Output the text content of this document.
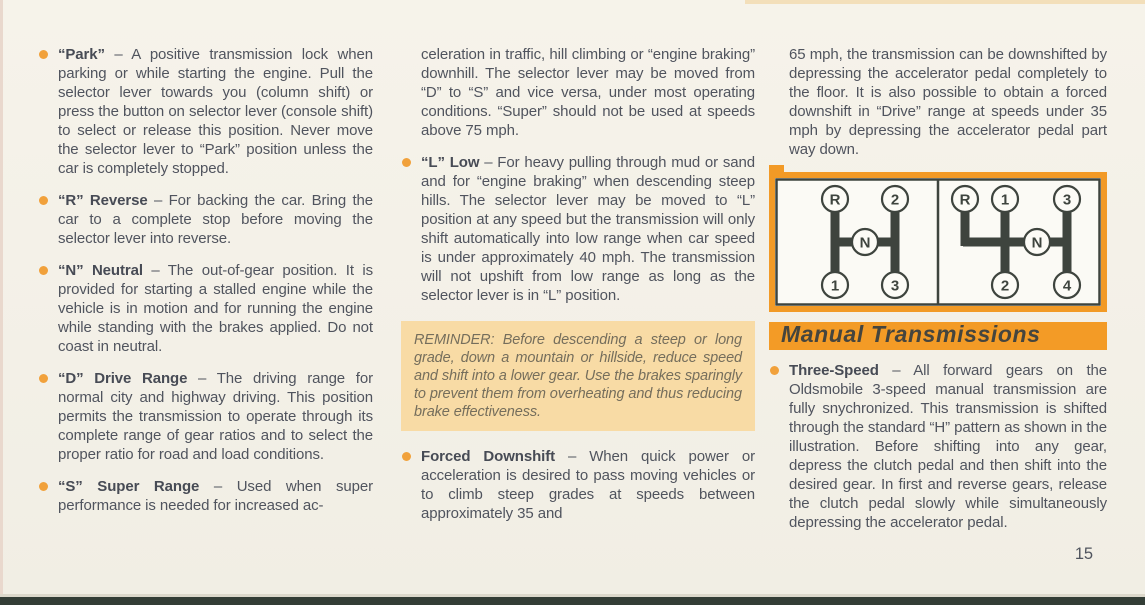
“Park” – A positive transmission lock when parking or while starting the engine. Pull the selector lever towards you (column shift) or press the button on selector lever (console shift) to select or release this position. Never move the selector lever to “Park” position unless the car is completely stopped.

“R” Reverse – For backing the car. Bring the car to a complete stop before moving the selector lever into reverse.

“N” Neutral – The out-of-gear position. It is provided for starting a stalled engine while the vehicle is in motion and for running the engine while standing with the brakes applied. Do not coast in neutral.

“D” Drive Range – The driving range for normal city and highway driving. This position permits the transmission to operate through its complete range of gear ratios and to select the proper ratio for road and load conditions.

“S” Super Range – Used when super performance is needed for increased ac-

celeration in traffic, hill climbing or “engine braking” downhill. The selector lever may be moved from “D” to “S” and vice versa, under most operating conditions. “Super” should not be used at speeds above 75 mph.

“L” Low – For heavy pulling through mud or sand and for “engine braking” when descending steep hills. The selector lever may be moved to “L” position at any speed but the transmission will only shift automatically into low range when car speed is under approximately 40 mph. The transmission will not upshift from low range as long as the selector lever is in “L” position.

REMINDER: Before descending a steep or long grade, down a mountain or hillside, reduce speed and shift into a lower gear. Use the brakes sparingly to prevent them from overheating and thus reducing brake effectiveness.

Forced Downshift – When quick power or acceleration is desired to pass moving vehicles or to climb steep grades at speeds between approximately 35 and

65 mph, the transmission can be downshifted by depressing the accelerator pedal completely to the floor. It is also possible to obtain a forced downshift in “Drive” range at speeds under 35 mph by depressing the accelerator pedal part way down.

R	2
N
1	3
R 1	3
N
2	4
Manual Transmissions

Three-Speed – All forward gears on the Oldsmobile 3-speed manual transmission are fully snychronized. This transmission is shifted through the standard “H” pattern as shown in the illustration. Before shifting into any gear, depress the clutch pedal and then shift into the desired gear. In first and reverse gears, release the clutch pedal slowly while simultaneously depressing the accelerator pedal.

15
